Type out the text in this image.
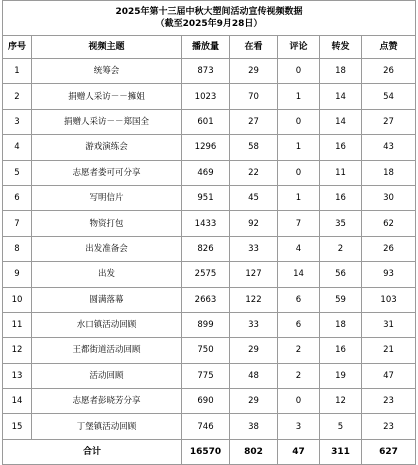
2025年第十三届中秋大塑间活动宣传视频数据
（截至2025年9月28日）						

序号	视频主题	播放量	在看	评论	转发	点赞
1	统筹会	873	29	0	18	26
2	捐赠人采访－－擁姐	1023	70	1	14	54
3	捐赠人采访－－郑国全	601	27	0	14	27
4	游戏演练会	1296	58	1	16	43
5	志愿者娄可可分享	469	22	0	11	18
6	写明信片	951	45	1	16	30
7	物资打包	1433	92	7	35	62
8	出发准备会	826	33	4	2	26
9	出发	2575	127	14	56	93
10	圆满落幕	2663	122	6	59	103
11	水口镇活动回顾	899	33	6	18	31
12	王都街道活动回顾	750	29	2	16	21
13	活动回顾	775	48	2	19	47
14	志愿者彭晓芳分享	690	29	0	12	23
15	丁堡镇活动回顾	746	38	3	5	23
合计		16570	802	47	311	627
